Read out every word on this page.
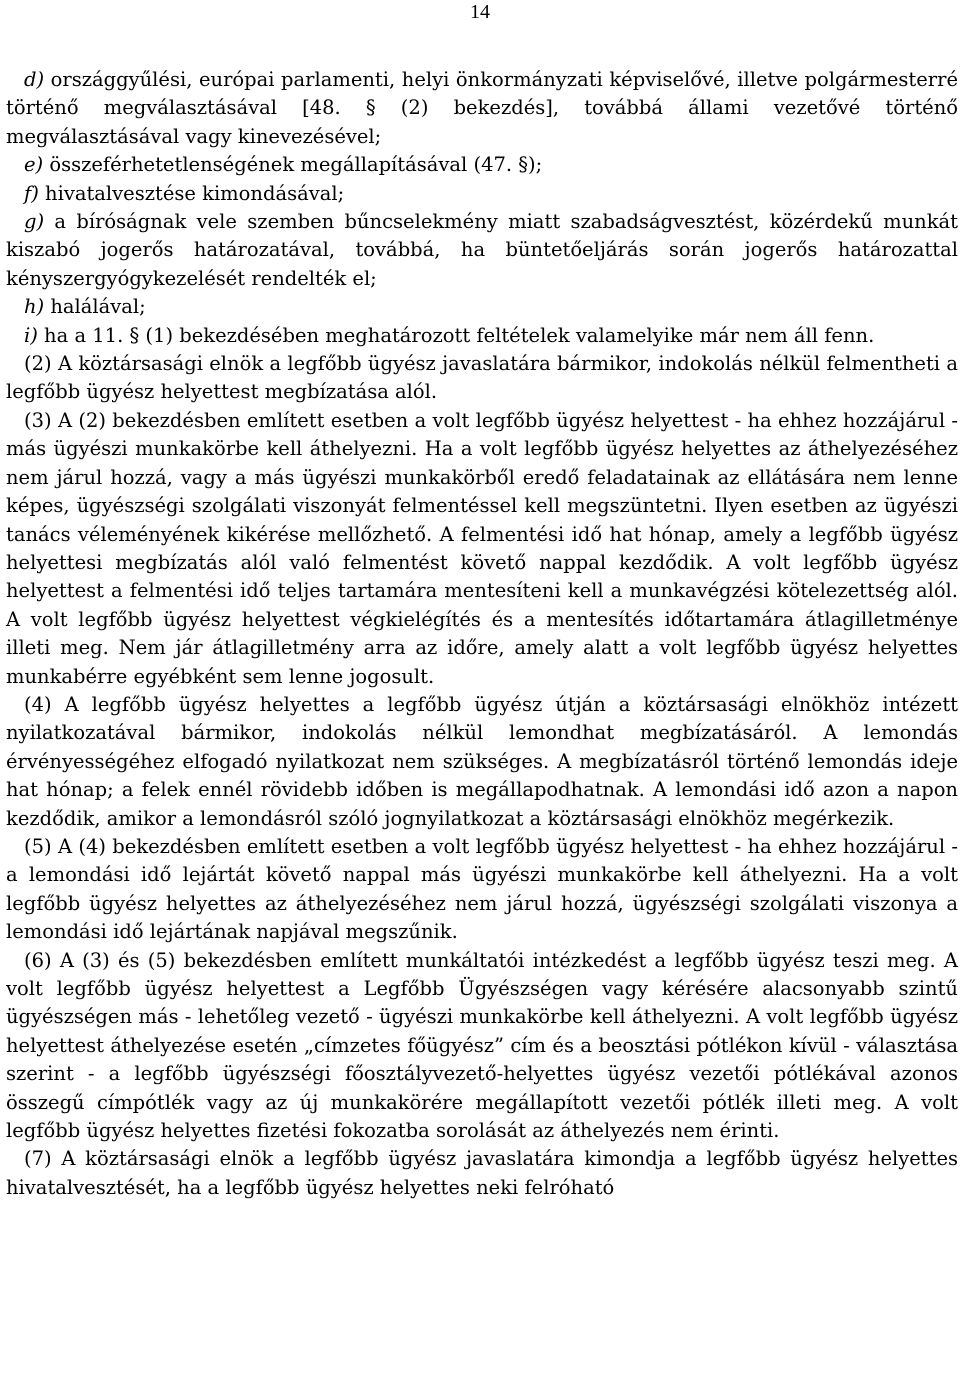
14

d) országgyűlési, európai parlamenti, helyi önkormányzati képviselővé, illetve polgármesterré történő megválasztásával [48. § (2) bekezdés], továbbá állami vezetővé történő megválasztásával vagy kinevezésével;

e) összeférhetetlenségének megállapításával (47. §);

f) hivatalvesztése kimondásával;

g) a bíróságnak vele szemben bűncselekmény miatt szabadságvesztést, közérdekű munkát kiszabó jogerős határozatával, továbbá, ha büntetőeljárás során jogerős határozattal kényszergyógykezelését rendelték el;

h) halálával;

i) ha a 11. § (1) bekezdésében meghatározott feltételek valamelyike már nem áll fenn.

(2) A köztársasági elnök a legfőbb ügyész javaslatára bármikor, indokolás nélkül felmentheti a legfőbb ügyész helyettest megbízatása alól.

(3) A (2) bekezdésben említett esetben a volt legfőbb ügyész helyettest - ha ehhez hozzájárul - más ügyészi munkakörbe kell áthelyezni. Ha a volt legfőbb ügyész helyettes az áthelyezéséhez nem járul hozzá, vagy a más ügyészi munkakörből eredő feladatainak az ellátására nem lenne képes, ügyészségi szolgálati viszonyát felmentéssel kell megszüntetni. Ilyen esetben az ügyészi tanács véleményének kikérése mellőzhető. A felmentési idő hat hónap, amely a legfőbb ügyész helyettesi megbízatás alól való felmentést követő nappal kezdődik. A volt legfőbb ügyész helyettest a felmentési idő teljes tartamára mentesíteni kell a munkavégzési kötelezettség alól. A volt legfőbb ügyész helyettest végkielégítés és a mentesítés időtartamára átlagilletménye illeti meg. Nem jár átlagilletmény arra az időre, amely alatt a volt legfőbb ügyész helyettes munkabérre egyébként sem lenne jogosult.

(4) A legfőbb ügyész helyettes a legfőbb ügyész útján a köztársasági elnökhöz intézett nyilatkozatával bármikor, indokolás nélkül lemondhat megbízatásáról. A lemondás érvényességéhez elfogadó nyilatkozat nem szükséges. A megbízatásról történő lemondás ideje hat hónap; a felek ennél rövidebb időben is megállapodhatnak. A lemondási idő azon a napon kezdődik, amikor a lemondásról szóló jognyilatkozat a köztársasági elnökhöz megérkezik.

(5) A (4) bekezdésben említett esetben a volt legfőbb ügyész helyettest - ha ehhez hozzájárul - a lemondási idő lejártát követő nappal más ügyészi munkakörbe kell áthelyezni. Ha a volt legfőbb ügyész helyettes az áthelyezéséhez nem járul hozzá, ügyészségi szolgálati viszonya a lemondási idő lejártának napjával megszűnik.

(6) A (3) és (5) bekezdésben említett munkáltatói intézkedést a legfőbb ügyész teszi meg. A volt legfőbb ügyész helyettest a Legfőbb Ügyészségen vagy kérésére alacsonyabb szintű ügyészségen más - lehetőleg vezető - ügyészi munkakörbe kell áthelyezni. A volt legfőbb ügyész helyettest áthelyezése esetén „címzetes főügyész” cím és a beosztási pótlékon kívül - választása szerint - a legfőbb ügyészségi főosztályvezető-helyettes ügyész vezetői pótlékával azonos összegű címpótlék vagy az új munkakörére megállapított vezetői pótlék illeti meg. A volt legfőbb ügyész helyettes fizetési fokozatba sorolását az áthelyezés nem érinti.

(7) A köztársasági elnök a legfőbb ügyész javaslatára kimondja a legfőbb ügyész helyettes hivatalvesztését, ha a legfőbb ügyész helyettes neki felróható
